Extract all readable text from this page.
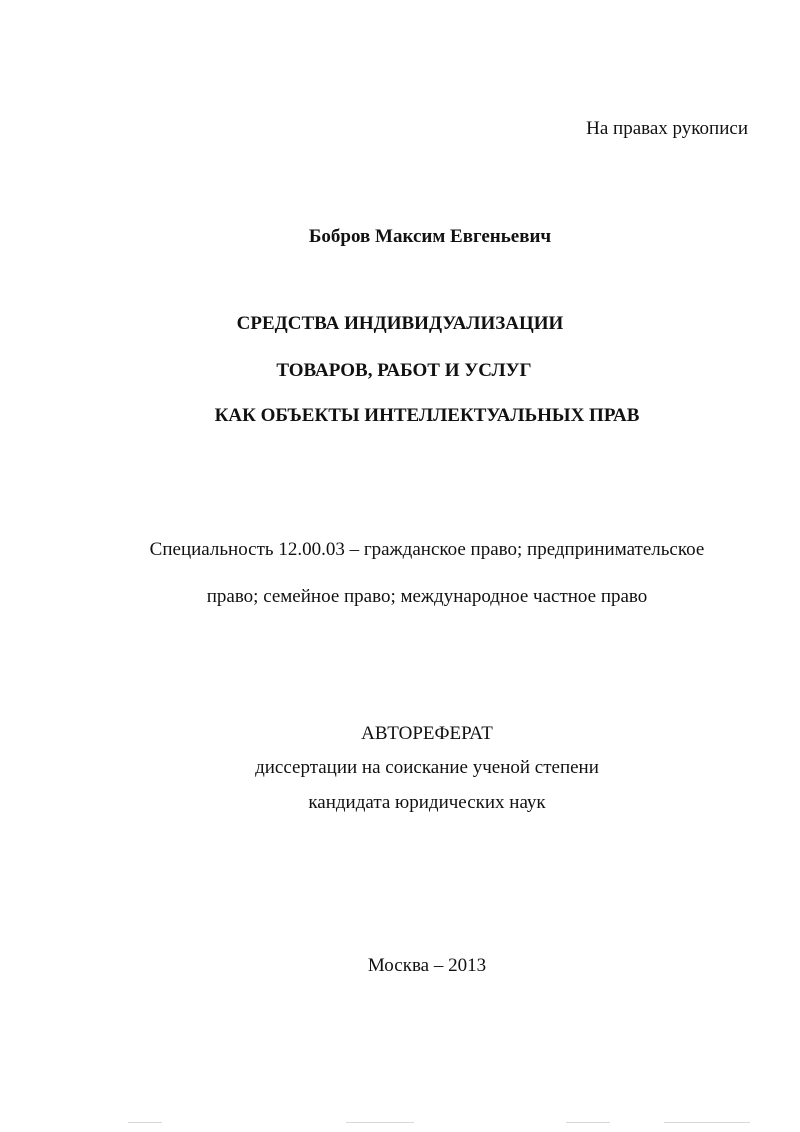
На правах рукописи
Бобров Максим Евгеньевич
СРЕДСТВА ИНДИВИДУАЛИЗАЦИИ
ТОВАРОВ, РАБОТ И УСЛУГ
КАК ОБЪЕКТЫ ИНТЕЛЛЕКТУАЛЬНЫХ ПРАВ
Специальность 12.00.03 – гражданское право; предпринимательское
право; семейное право; международное частное право
АВТОРЕФЕРАТ
диссертации на соискание ученой степени
кандидата юридических наук
Москва – 2013
